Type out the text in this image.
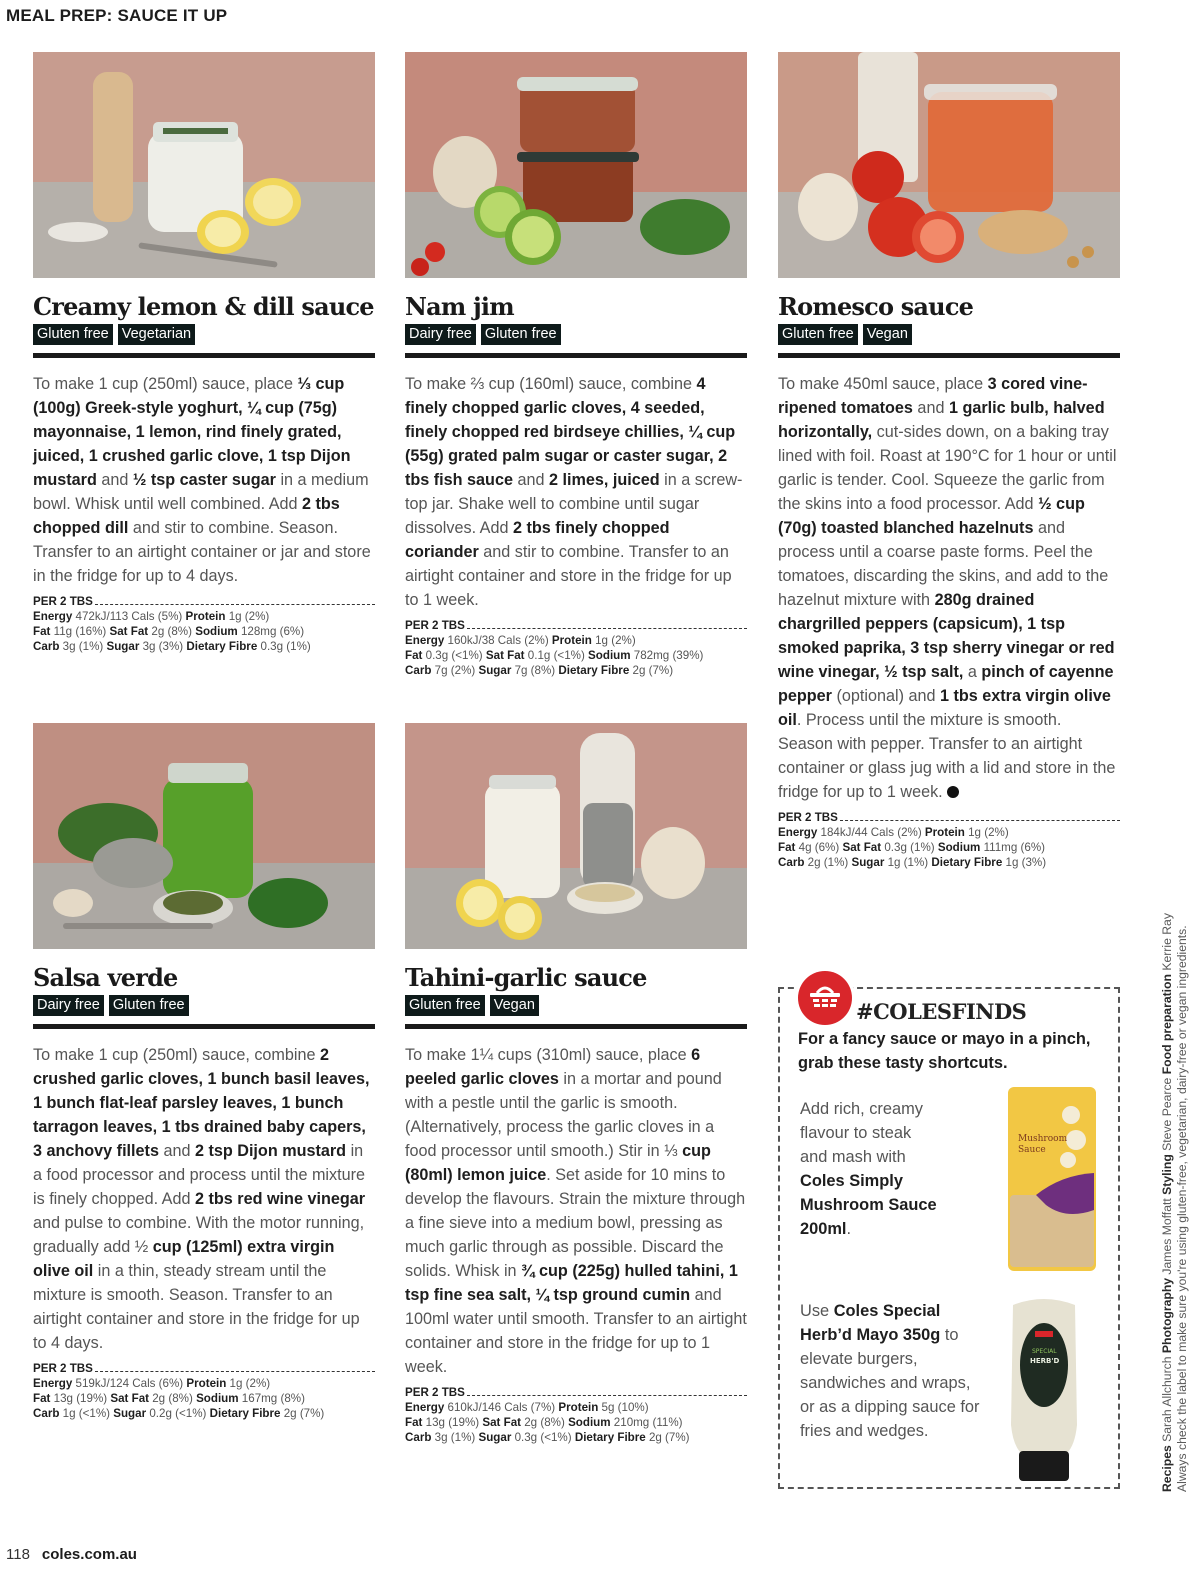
MEAL PREP: SAUCE IT UP
Creamy lemon & dill sauce
Gluten free Vegetarian
To make 1 cup (250ml) sauce, place ⅓ cup (100g) Greek-style yoghurt, ¼ cup (75g) mayonnaise, 1 lemon, rind finely grated, juiced, 1 crushed garlic clove, 1 tsp Dijon mustard and ½ tsp caster sugar in a medium bowl. Whisk until well combined. Add 2 tbs chopped dill and stir to combine. Season. Transfer to an airtight container or jar and store in the fridge for up to 4 days.
PER 2 TBS
Energy 472kJ/113 Cals (5%) Protein 1g (2%)
Fat 11g (16%) Sat Fat 2g (8%) Sodium 128mg (6%)
Carb 3g (1%) Sugar 3g (3%) Dietary Fibre 0.3g (1%)
Nam jim
Dairy free Gluten free
To make ⅔ cup (160ml) sauce, combine 4 finely chopped garlic cloves, 4 seeded, finely chopped red birdseye chillies, ¼ cup (55g) grated palm sugar or caster sugar, 2 tbs fish sauce and 2 limes, juiced in a screw-top jar. Shake well to combine until sugar dissolves. Add 2 tbs finely chopped coriander and stir to combine. Transfer to an airtight container and store in the fridge for up to 1 week.
PER 2 TBS
Energy 160kJ/38 Cals (2%) Protein 1g (2%)
Fat 0.3g (<1%) Sat Fat 0.1g (<1%) Sodium 782mg (39%)
Carb 7g (2%) Sugar 7g (8%) Dietary Fibre 2g (7%)
Romesco sauce
Gluten free Vegan
To make 450ml sauce, place 3 cored vine-ripened tomatoes and 1 garlic bulb, halved horizontally, cut-sides down, on a baking tray lined with foil. Roast at 190°C for 1 hour or until garlic is tender. Cool. Squeeze the garlic from the skins into a food processor. Add ½ cup (70g) toasted blanched hazelnuts and process until a coarse paste forms. Peel the tomatoes, discarding the skins, and add to the hazelnut mixture with 280g drained chargrilled peppers (capsicum), 1 tsp smoked paprika, 3 tsp sherry vinegar or red wine vinegar, ½ tsp salt, a pinch of cayenne pepper (optional) and 1 tbs extra virgin olive oil. Process until the mixture is smooth. Season with pepper. Transfer to an airtight container or glass jug with a lid and store in the fridge for up to 1 week.
PER 2 TBS
Energy 184kJ/44 Cals (2%) Protein 1g (2%)
Fat 4g (6%) Sat Fat 0.3g (1%) Sodium 111mg (6%)
Carb 2g (1%) Sugar 1g (1%) Dietary Fibre 1g (3%)
Salsa verde
Dairy free Gluten free
To make 1 cup (250ml) sauce, combine 2 crushed garlic cloves, 1 bunch basil leaves, 1 bunch flat-leaf parsley leaves, 1 bunch tarragon leaves, 1 tbs drained baby capers, 3 anchovy fillets and 2 tsp Dijon mustard in a food processor and process until the mixture is finely chopped. Add 2 tbs red wine vinegar and pulse to combine. With the motor running, gradually add ½ cup (125ml) extra virgin olive oil in a thin, steady stream until the mixture is smooth. Season. Transfer to an airtight container and store in the fridge for up to 4 days.
PER 2 TBS
Energy 519kJ/124 Cals (6%) Protein 1g (2%)
Fat 13g (19%) Sat Fat 2g (8%) Sodium 167mg (8%)
Carb 1g (<1%) Sugar 0.2g (<1%) Dietary Fibre 2g (7%)
Tahini-garlic sauce
Gluten free Vegan
To make 1¼ cups (310ml) sauce, place 6 peeled garlic cloves in a mortar and pound with a pestle until the garlic is smooth. (Alternatively, process the garlic cloves in a food processor until smooth.) Stir in ⅓ cup (80ml) lemon juice. Set aside for 10 mins to develop the flavours. Strain the mixture through a fine sieve into a medium bowl, pressing as much garlic through as possible. Discard the solids. Whisk in ¾ cup (225g) hulled tahini, 1 tsp fine sea salt, ¼ tsp ground cumin and 100ml water until smooth. Transfer to an airtight container and store in the fridge for up to 1 week.
PER 2 TBS
Energy 610kJ/146 Cals (7%) Protein 5g (10%)
Fat 13g (19%) Sat Fat 2g (8%) Sodium 210mg (11%)
Carb 3g (1%) Sugar 0.3g (<1%) Dietary Fibre 2g (7%)
#COLESFINDS
For a fancy sauce or mayo in a pinch, grab these tasty shortcuts.
Add rich, creamy flavour to steak and mash with Coles Simply Mushroom Sauce 200ml.
Mushroom
Sauce
Use Coles Special Herb’d Mayo 350g to elevate burgers, sandwiches and wraps, or as a dipping sauce for fries and wedges.
SPECIAL
HERB'D
Recipes Sarah Allchurch Photography James Moffatt Styling Steve Pearce Food preparation Kerrie Ray Always check the label to make sure you're using gluten-free, vegetarian, dairy-free or vegan ingredients.
118 coles.com.au
